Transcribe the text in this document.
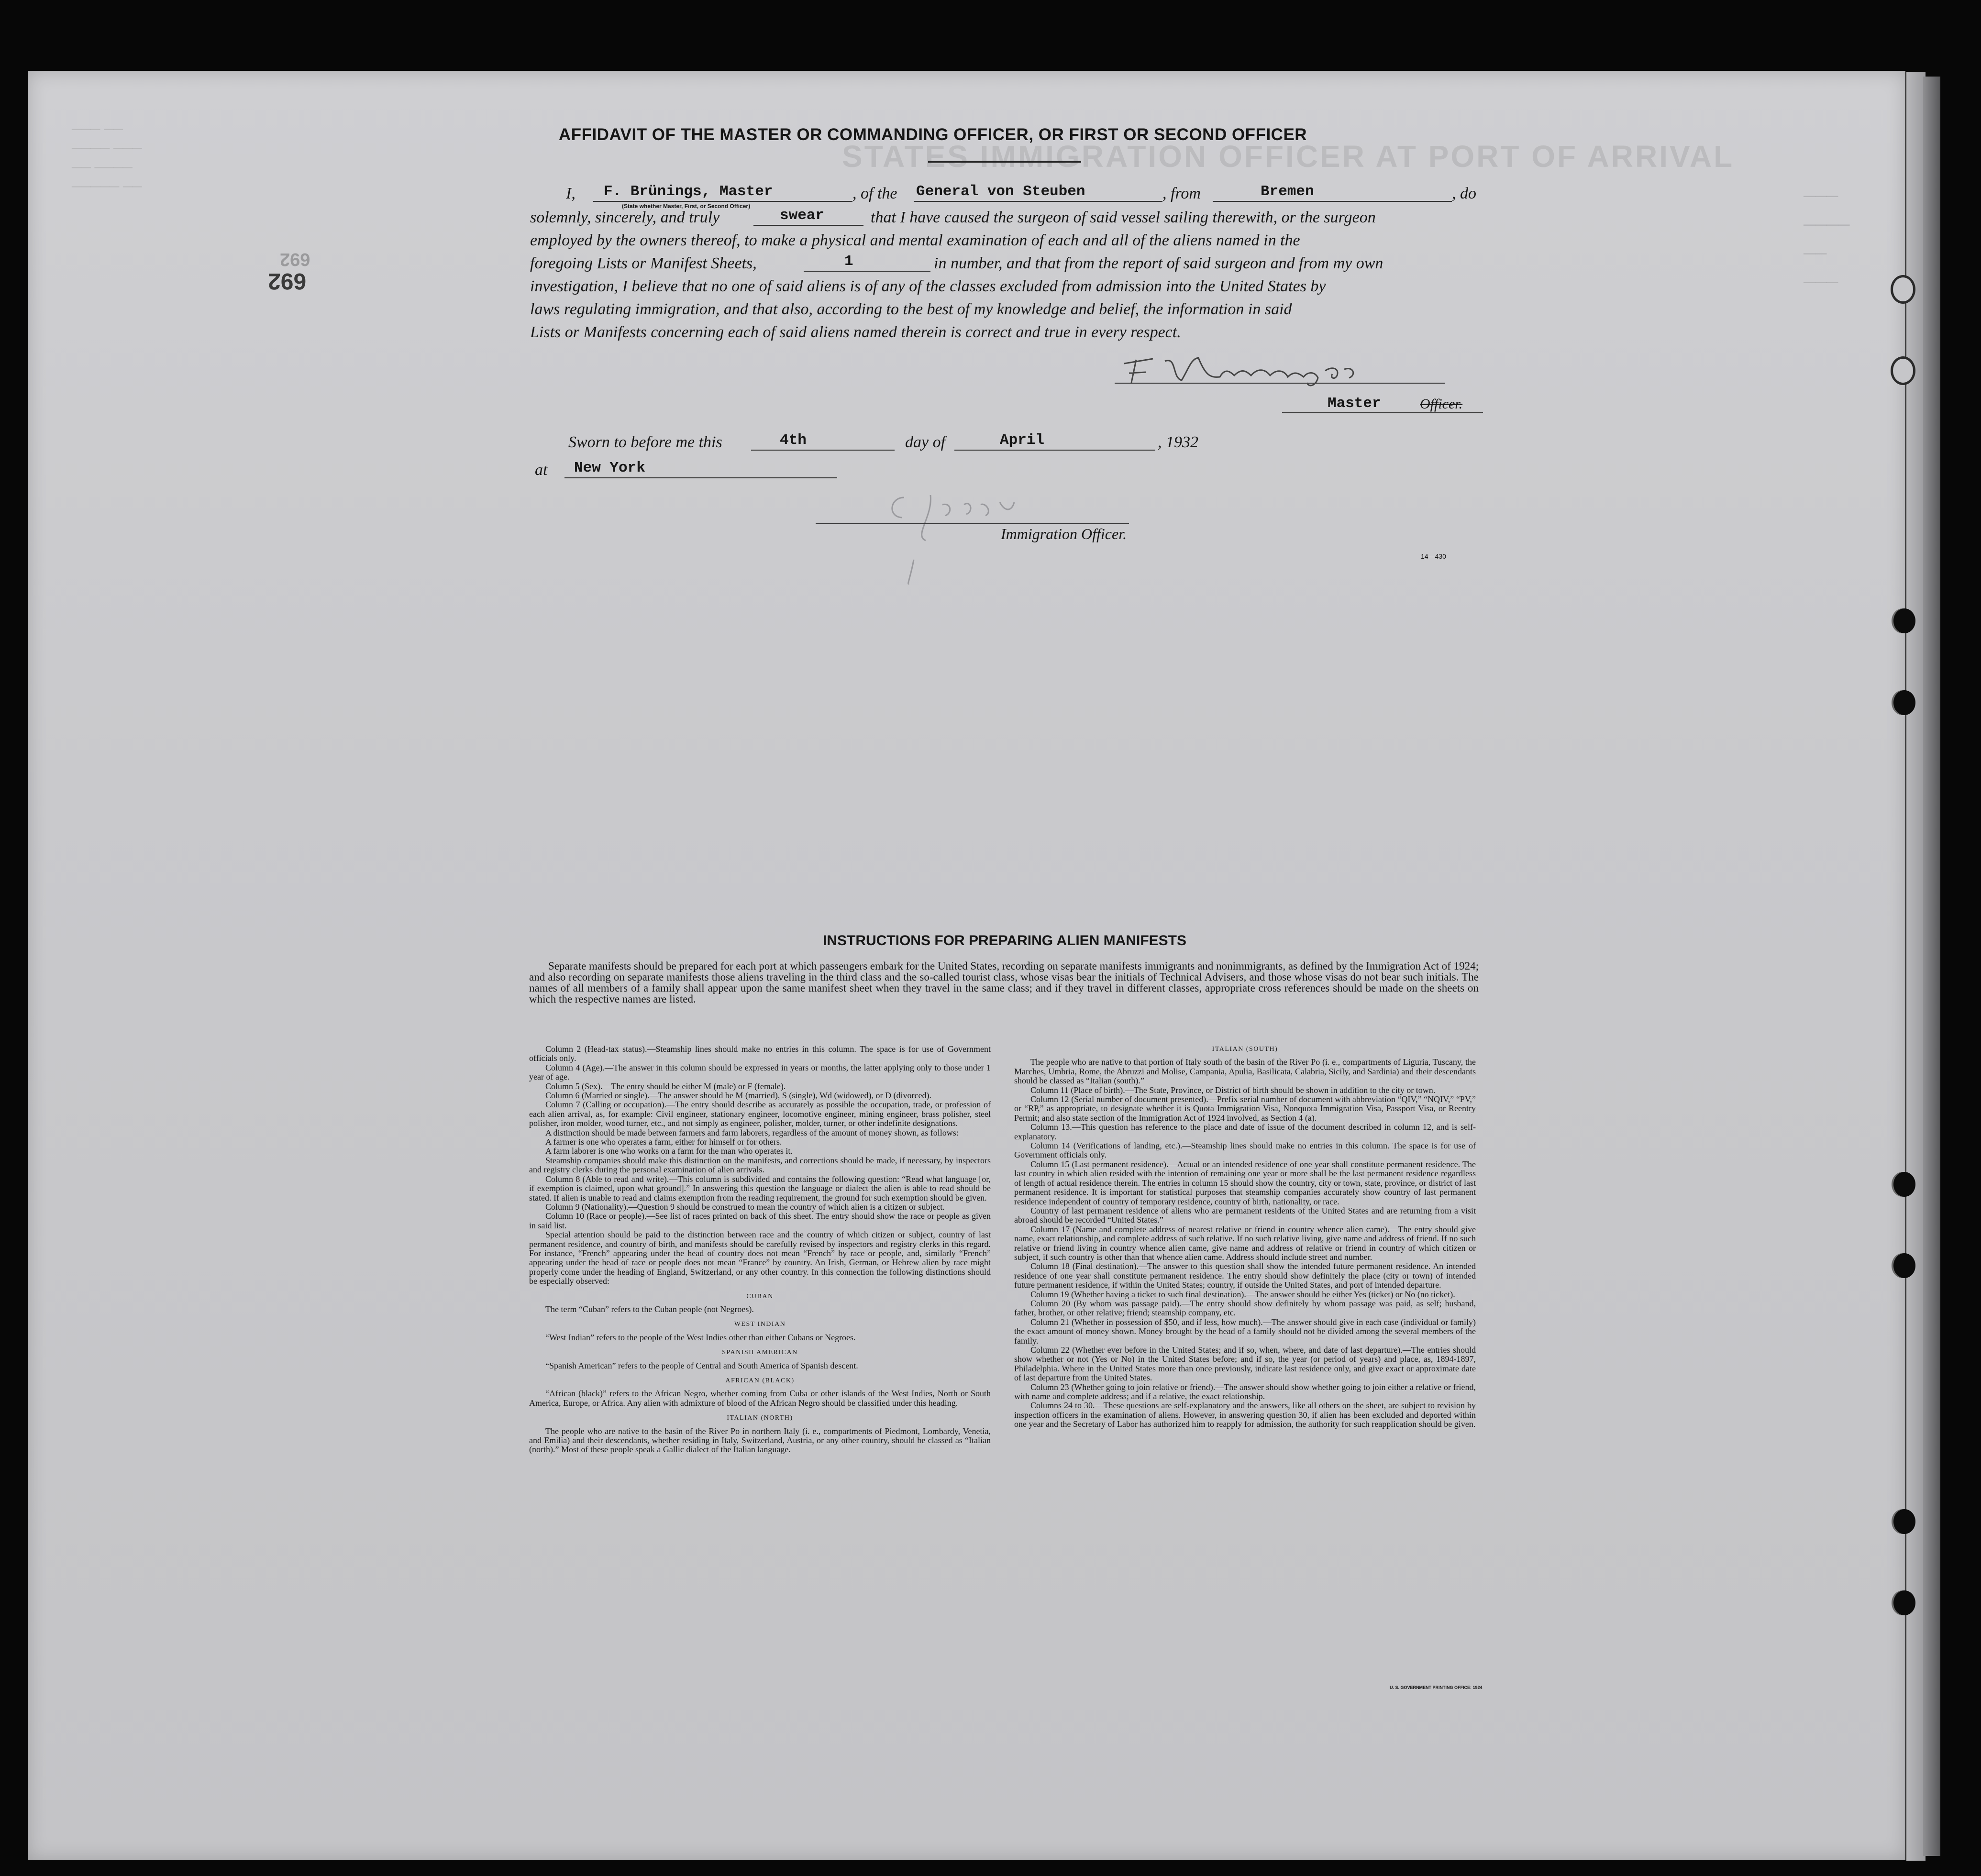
STATES IMMIGRATION OFFICER AT PORT OF ARRIVAL
───
────
──
───
─── ──
──── ───
── ────
───── ──
692
692
AFFIDAVIT OF THE MASTER OR COMMANDING OFFICER, OR FIRST OR SECOND OFFICER
I, F. Brünings, Master
(State whether Master, First, or Second Officer)
, of the General von Steuben	, from	Bremen	, do
solemnly, sincerely, and truly	swear	that I have caused the surgeon of said vessel sailing therewith, or the surgeon
employed by the owners thereof, to make a physical and mental examination of each and all of the aliens named in the
foregoing Lists or Manifest Sheets,	1	in number, and that from the report of said surgeon and from my own
investigation, I believe that no one of said aliens is of any of the classes excluded from admission into the United States by
laws regulating immigration, and that also, according to the best of my knowledge and belief, the information in said
Lists or Manifests concerning each of said aliens named therein is correct and true in every respect.
Master	Officer.
Sworn to before me this	4th	day of	April	, 1932
at New York
Immigration Officer.
14—430
INSTRUCTIONS FOR PREPARING ALIEN MANIFESTS

Separate manifests should be prepared for each port at which passengers embark for the United States, recording on separate manifests immigrants and nonimmigrants, as defined by the Immigration Act of 1924; and also recording on separate manifests those aliens traveling in the third class and the so-called tourist class, whose visas bear the initials of Technical Advisers, and those whose visas do not bear such initials. The names of all members of a family shall appear upon the same manifest sheet when they travel in the same class; and if they travel in different classes, appropriate cross references should be made on the sheets on which the respective names are listed.

Column 2 (Head-tax status).—Steamship lines should make no entries in this column. The space is for use of Government officials only.

Column 4 (Age).—The answer in this column should be expressed in years or months, the latter applying only to those under 1 year of age.

Column 5 (Sex).—The entry should be either M (male) or F (female).

Column 6 (Married or single).—The answer should be M (married), S (single), Wd (widowed), or D (divorced).

Column 7 (Calling or occupation).—The entry should describe as accurately as possible the occupation, trade, or profession of each alien arrival, as, for example: Civil engineer, stationary engineer, locomotive engineer, mining engineer, brass polisher, steel polisher, iron molder, wood turner, etc., and not simply as engineer, polisher, molder, turner, or other indefinite designations.

A distinction should be made between farmers and farm laborers, regardless of the amount of money shown, as follows:

A farmer is one who operates a farm, either for himself or for others.

A farm laborer is one who works on a farm for the man who operates it.

Steamship companies should make this distinction on the manifests, and corrections should be made, if necessary, by inspectors and registry clerks during the personal examination of alien arrivals.

Column 8 (Able to read and write).—This column is subdivided and contains the following question: “Read what language [or, if exemption is claimed, upon what ground].” In answering this question the language or dialect the alien is able to read should be stated. If alien is unable to read and claims exemption from the reading requirement, the ground for such exemption should be given.

Column 9 (Nationality).—Question 9 should be construed to mean the country of which alien is a citizen or subject.

Column 10 (Race or people).—See list of races printed on back of this sheet. The entry should show the race or people as given in said list.

Special attention should be paid to the distinction between race and the country of which citizen or subject, country of last permanent residence, and country of birth, and manifests should be carefully revised by inspectors and registry clerks in this regard. For instance, “French” appearing under the head of country does not mean “French” by race or people, and, similarly “French” appearing under the head of race or people does not mean “France” by country. An Irish, German, or Hebrew alien by race might properly come under the heading of England, Switzerland, or any other country. In this connection the following distinctions should be especially observed:

CUBAN

The term “Cuban” refers to the Cuban people (not Negroes).

WEST INDIAN

“West Indian” refers to the people of the West Indies other than either Cubans or Negroes.

SPANISH AMERICAN

“Spanish American” refers to the people of Central and South America of Spanish descent.

AFRICAN (BLACK)

“African (black)” refers to the African Negro, whether coming from Cuba or other islands of the West Indies, North or South America, Europe, or Africa. Any alien with admixture of blood of the African Negro should be classified under this heading.

ITALIAN (NORTH)

The people who are native to the basin of the River Po in northern Italy (i. e., compartments of Piedmont, Lombardy, Venetia, and Emilia) and their descendants, whether residing in Italy, Switzerland, Austria, or any other country, should be classed as “Italian (north).” Most of these people speak a Gallic dialect of the Italian language.

ITALIAN (SOUTH)

The people who are native to that portion of Italy south of the basin of the River Po (i. e., compartments of Liguria, Tuscany, the Marches, Umbria, Rome, the Abruzzi and Molise, Campania, Apulia, Basilicata, Calabria, Sicily, and Sardinia) and their descendants should be classed as “Italian (south).”

Column 11 (Place of birth).—The State, Province, or District of birth should be shown in addition to the city or town.

Column 12 (Serial number of document presented).—Prefix serial number of document with abbreviation “QIV,” “NQIV,” “PV,” or “RP,” as appropriate, to designate whether it is Quota Immigration Visa, Nonquota Immigration Visa, Passport Visa, or Reentry Permit; and also state section of the Immigration Act of 1924 involved, as Section 4 (a).

Column 13.—This question has reference to the place and date of issue of the document described in column 12, and is self-explanatory.

Column 14 (Verifications of landing, etc.).—Steamship lines should make no entries in this column. The space is for use of Government officials only.

Column 15 (Last permanent residence).—Actual or an intended residence of one year shall constitute permanent residence. The last country in which alien resided with the intention of remaining one year or more shall be the last permanent residence regardless of length of actual residence therein. The entries in column 15 should show the country, city or town, state, province, or district of last permanent residence. It is important for statistical purposes that steamship companies accurately show country of last permanent residence independent of country of temporary residence, country of birth, nationality, or race.

Country of last permanent residence of aliens who are permanent residents of the United States and are returning from a visit abroad should be recorded “United States.”

Column 17 (Name and complete address of nearest relative or friend in country whence alien came).—The entry should give name, exact relationship, and complete address of such relative. If no such relative living, give name and address of friend. If no such relative or friend living in country whence alien came, give name and address of relative or friend in country of which citizen or subject, if such country is other than that whence alien came. Address should include street and number.

Column 18 (Final destination).—The answer to this question shall show the intended future permanent residence. An intended residence of one year shall constitute permanent residence. The entry should show definitely the place (city or town) of intended future permanent residence, if within the United States; country, if outside the United States, and port of intended departure.

Column 19 (Whether having a ticket to such final destination).—The answer should be either Yes (ticket) or No (no ticket).

Column 20 (By whom was passage paid).—The entry should show definitely by whom passage was paid, as self; husband, father, brother, or other relative; friend; steamship company, etc.

Column 21 (Whether in possession of $50, and if less, how much).—The answer should give in each case (individual or family) the exact amount of money shown. Money brought by the head of a family should not be divided among the several members of the family.

Column 22 (Whether ever before in the United States; and if so, when, where, and date of last departure).—The entries should show whether or not (Yes or No) in the United States before; and if so, the year (or period of years) and place, as, 1894-1897, Philadelphia. Where in the United States more than once previously, indicate last residence only, and give exact or approximate date of last departure from the United States.

Column 23 (Whether going to join relative or friend).—The answer should show whether going to join either a relative or friend, with name and complete address; and if a relative, the exact relationship.

Columns 24 to 30.—These questions are self-explanatory and the answers, like all others on the sheet, are subject to revision by inspection officers in the examination of aliens. However, in answering question 30, if alien has been excluded and deported within one year and the Secretary of Labor has authorized him to reapply for admission, the authority for such reapplication should be given.

U. S. GOVERNMENT PRINTING OFFICE: 1924
